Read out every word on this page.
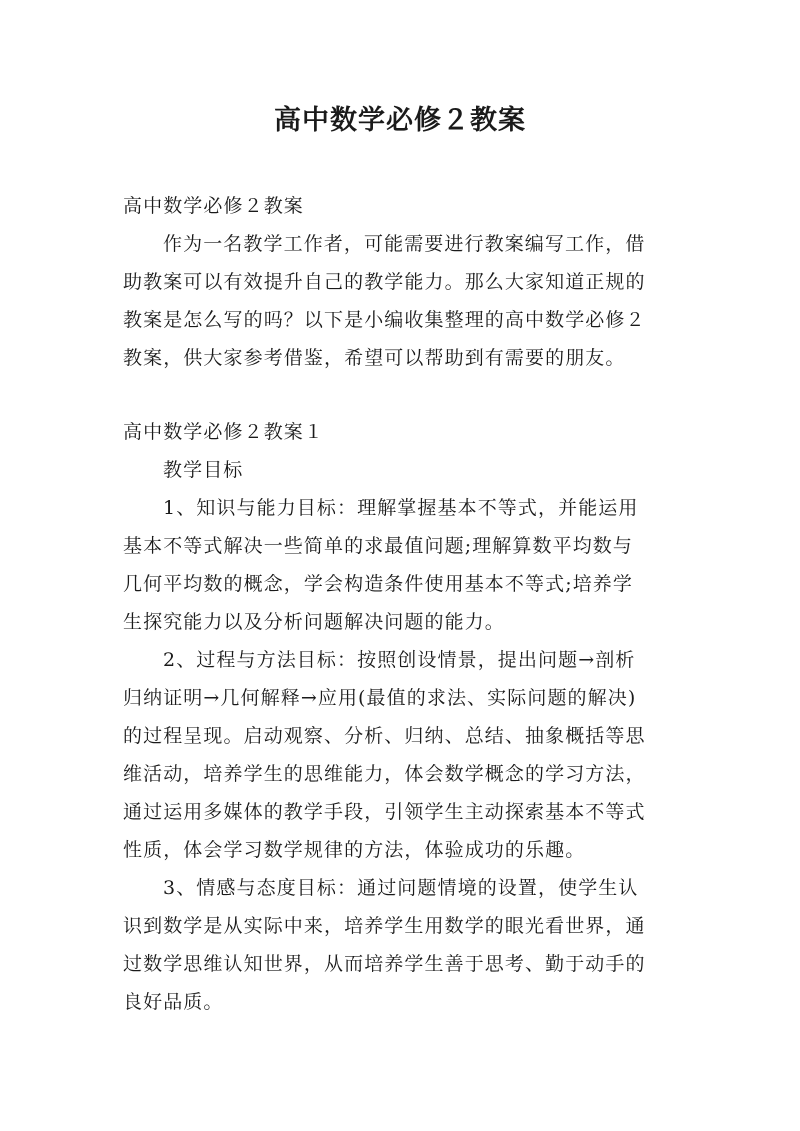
高中数学必修２教案
高中数学必修２教案
作为一名教学工作者，可能需要进行教案编写工作，借
助教案可以有效提升自己的教学能力。那么大家知道正规的
教案是怎么写的吗？以下是小编收集整理的高中数学必修２
教案，供大家参考借鉴，希望可以帮助到有需要的朋友。
高中数学必修２教案１
教学目标
1、知识与能力目标：理解掌握基本不等式，并能运用
基本不等式解决一些简单的求最值问题;理解算数平均数与
几何平均数的概念，学会构造条件使用基本不等式;培养学
生探究能力以及分析问题解决问题的能力。
2、过程与方法目标：按照创设情景，提出问题→剖析
归纳证明→几何解释→应用(最值的求法、实际问题的解决)
的过程呈现。启动观察、分析、归纳、总结、抽象概括等思
维活动，培养学生的思维能力，体会数学概念的学习方法，
通过运用多媒体的教学手段，引领学生主动探索基本不等式
性质，体会学习数学规律的方法，体验成功的乐趣。
3、情感与态度目标：通过问题情境的设置，使学生认
识到数学是从实际中来，培养学生用数学的眼光看世界，通
过数学思维认知世界，从而培养学生善于思考、勤于动手的
良好品质。
